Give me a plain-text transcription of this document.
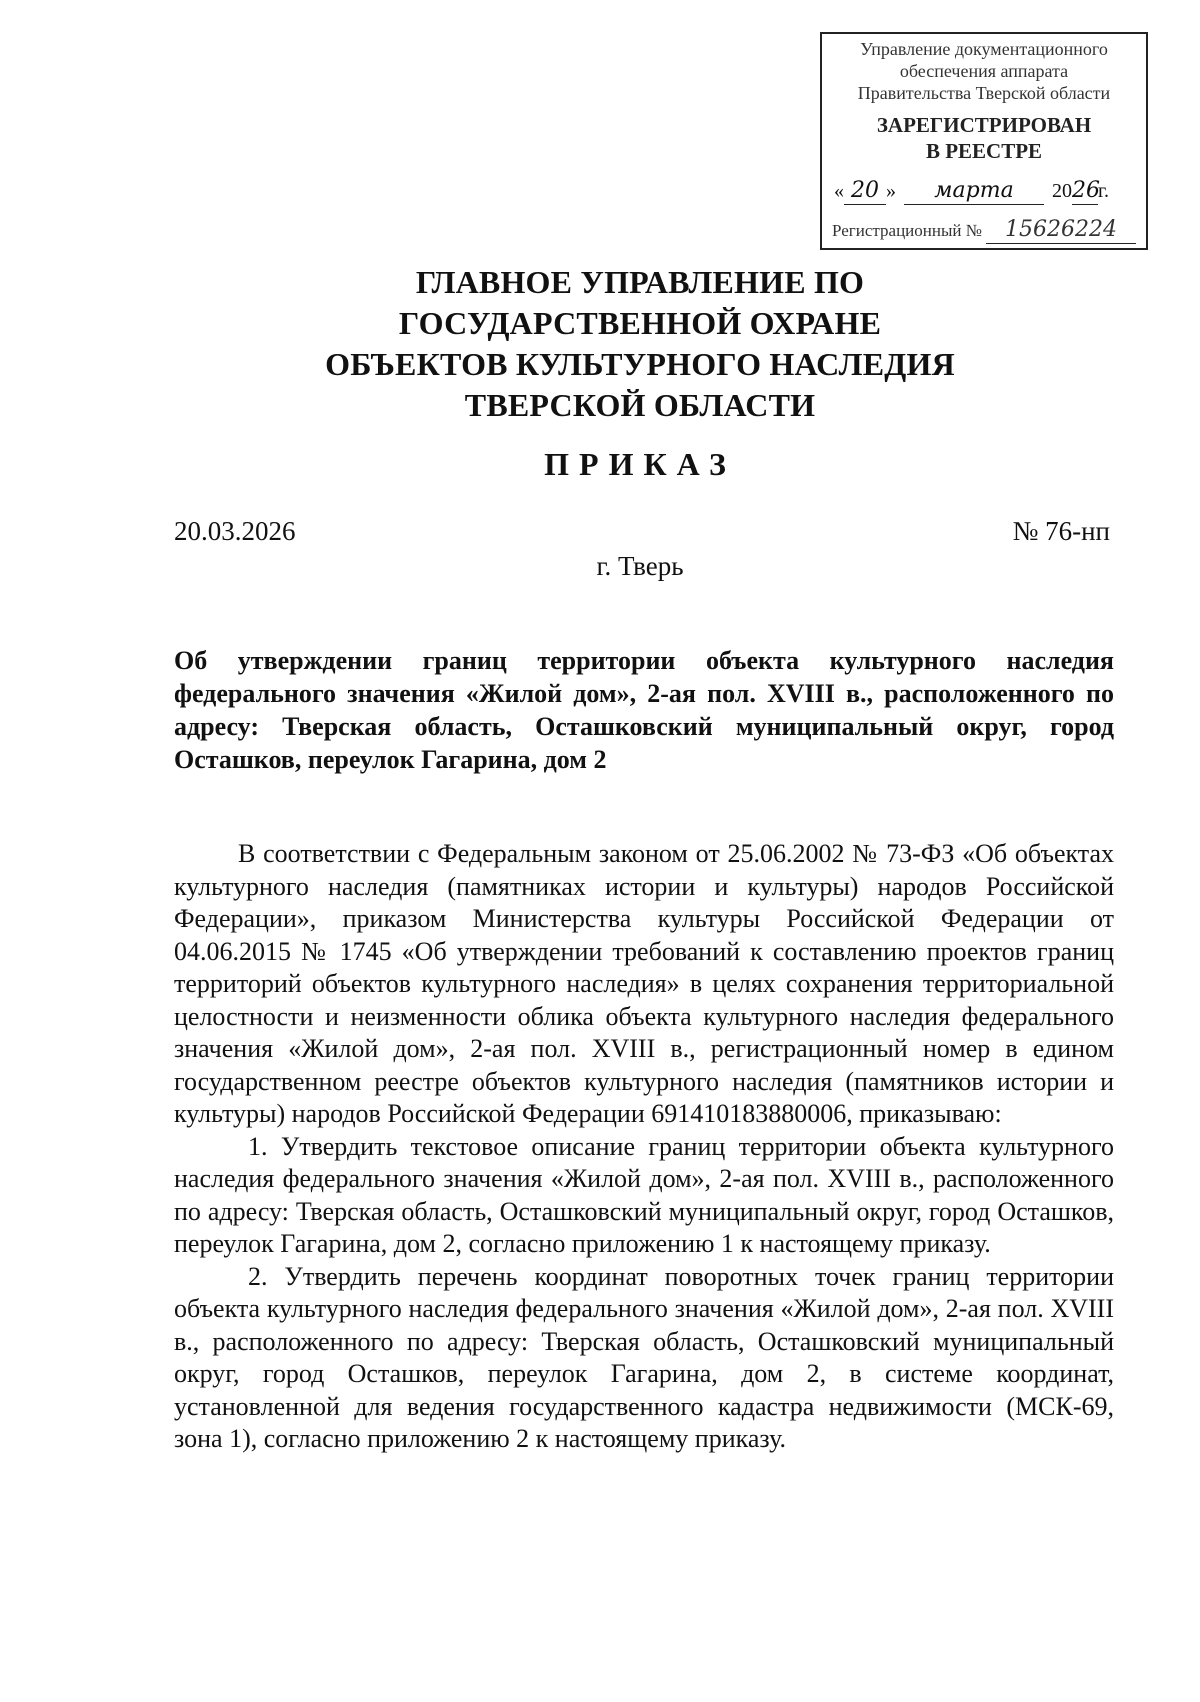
Управление документационного
обеспечения аппарата
Правительства Тверской области
ЗАРЕГИСТРИРОВАН
В РЕЕСТРЕ
« 20 » марта 2026г.
Регистрационный № 15626224
ГЛАВНОЕ УПРАВЛЕНИЕ ПО
ГОСУДАРСТВЕННОЙ ОХРАНЕ
ОБЪЕКТОВ КУЛЬТУРНОГО НАСЛЕДИЯ
ТВЕРСКОЙ ОБЛАСТИ
ПРИКАЗ
20.03.2026	№ 76-нп
г. Тверь
Об утверждении границ территории объекта культурного наследия федерального значения «Жилой дом», 2-ая пол. XVIII в., расположенного по адресу: Тверская область, Осташковский муниципальный округ, город Осташков, переулок Гагарина, дом 2

В соответствии с Федеральным законом от 25.06.2002 № 73-ФЗ «Об объектах культурного наследия (памятниках истории и культуры) народов Российской Федерации», приказом Министерства культуры Российской Федерации от 04.06.2015 № 1745 «Об утверждении требований к составлению проектов границ территорий объектов культурного наследия» в целях сохранения территориальной целостности и неизменности облика объекта культурного наследия федерального значения «Жилой дом», 2-ая пол. XVIII в., регистрационный номер в едином государственном реестре объектов культурного наследия (памятников истории и культуры) народов Российской Федерации 691410183880006, приказываю:

1. Утвердить текстовое описание границ территории объекта культурного наследия федерального значения «Жилой дом», 2-ая пол. XVIII в., расположенного по адресу: Тверская область, Осташковский муниципальный округ, город Осташков, переулок Гагарина, дом 2, согласно приложению 1 к настоящему приказу.

2. Утвердить перечень координат поворотных точек границ территории объекта культурного наследия федерального значения «Жилой дом», 2-ая пол. XVIII в., расположенного по адресу: Тверская область, Осташковский муниципальный округ, город Осташков, переулок Гагарина, дом 2, в системе координат, установленной для ведения государственного кадастра недвижимости (МСК-69, зона 1), согласно приложению 2 к настоящему приказу.
